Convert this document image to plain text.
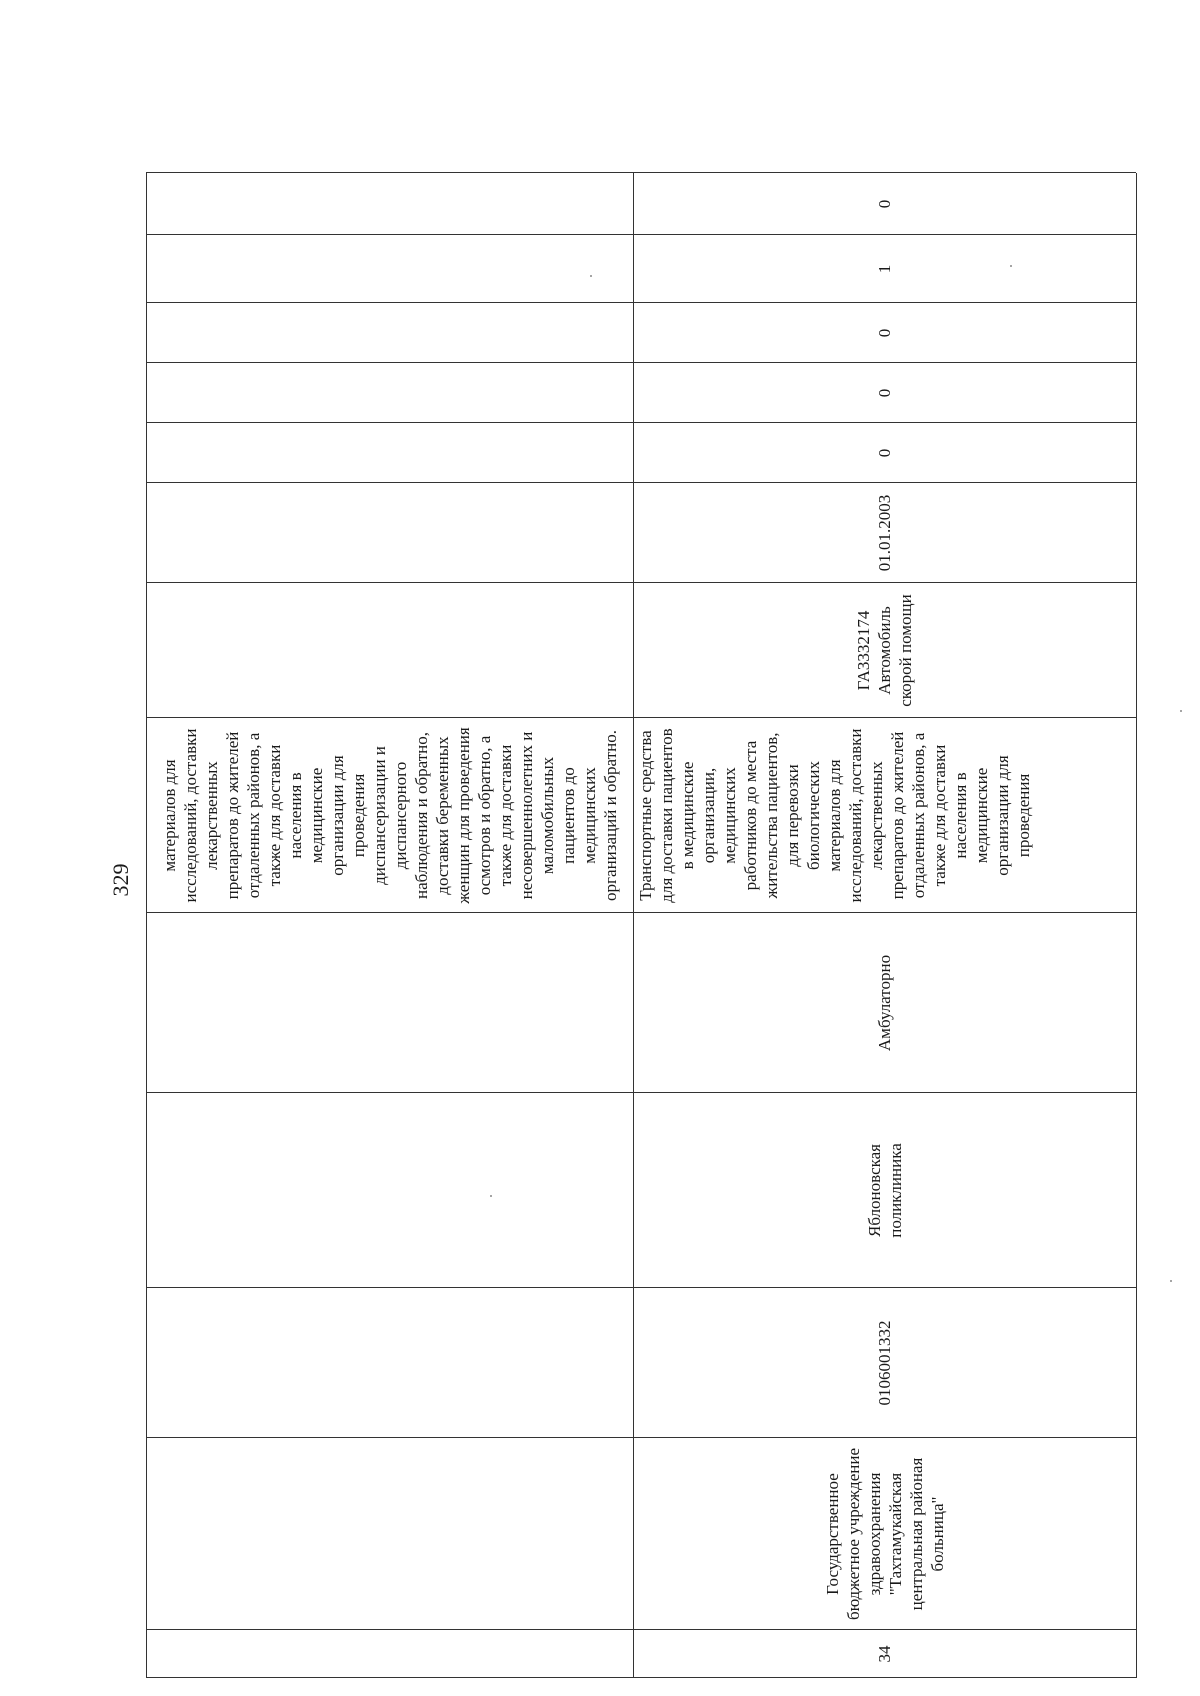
329
материалов для исследований, доставки лекарственных препаратов до жителей отдаленных районов, а также для доставки населения в медицинские организации для проведения диспансеризации и диспансерного наблюдения и обратно, доставки беременных женщин для проведения осмотров и обратно, а также для доставки несовершеннолетних и маломобильных пациентов до медицинских организаций и обратно.
34
Государственное бюджетное учреждение здравоохранения "Тахтамукайская центральная районая больница"
0106001332
Яблоновская поликлиника
Амбулаторно
Транспортные средства для доставки пациентов в медицинские организации, медицинских работников до места жительства пациентов, для перевозки биологических материалов для исследований, доставки лекарственных препаратов до жителей отдаленных районов, а также для доставки населения в медицинские организации для проведения
ГА3332174 Автомобиль скорой помощи
01.01.2003
0
0
0
1
0
